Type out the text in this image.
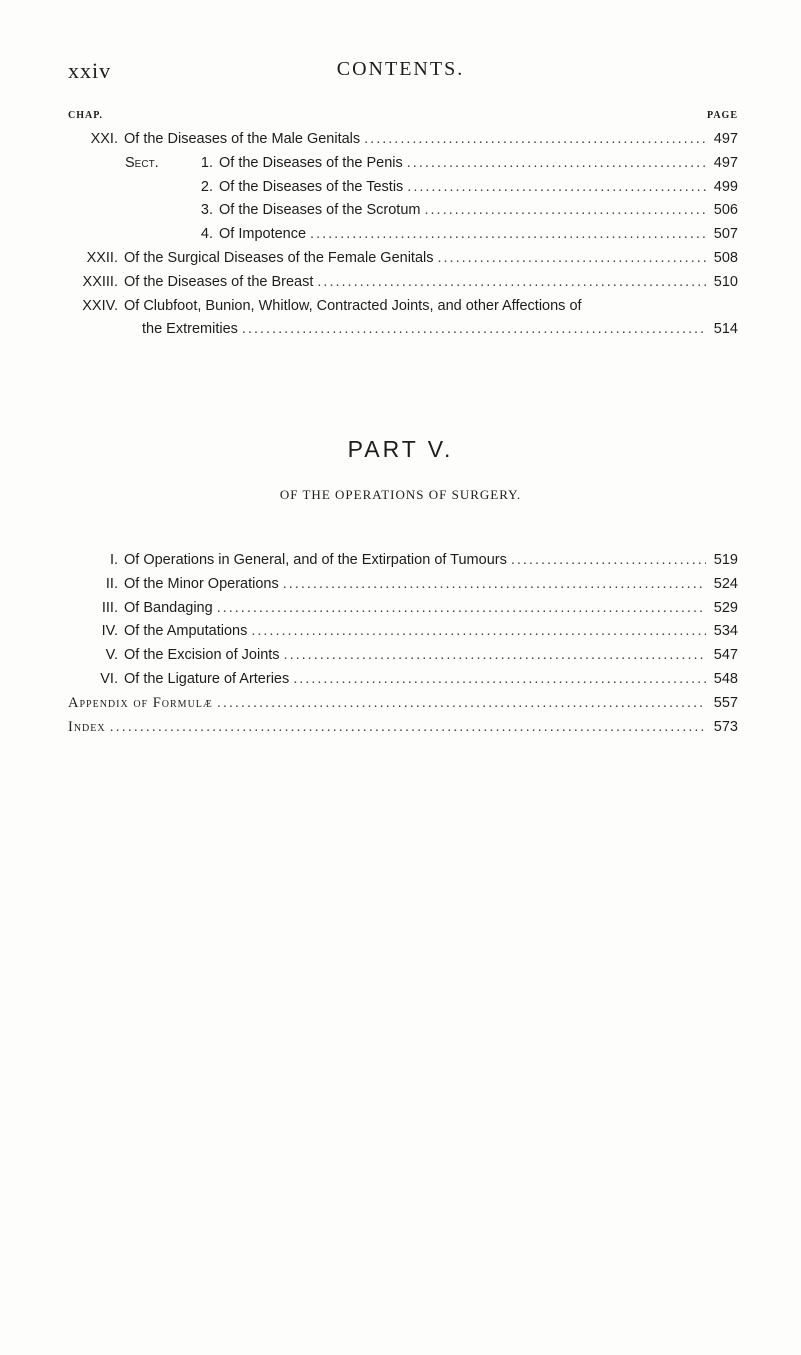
xxiv	CONTENTS.
CHAP.	PAGE
XXI. Of the Diseases of the Male Genitals .....	497
Sect.	1. Of the Diseases of the Penis .....	497
2. Of the Diseases of the Testis .....	499
3. Of the Diseases of the Scrotum .....	506
4. Of Impotence .....	507
XXII. Of the Surgical Diseases of the Female Genitals .....	508
XXIII. Of the Diseases of the Breast .....	510
XXIV. Of Clubfoot, Bunion, Whitlow, Contracted Joints, and other Affections of
the Extremities .....	514
PART V.
OF THE OPERATIONS OF SURGERY.
I. Of Operations in General, and of the Extirpation of Tumours .....	519
II. Of the Minor Operations .....	524
III. Of Bandaging .....	529
IV. Of the Amputations .....	534
V. Of the Excision of Joints .....	547
VI. Of the Ligature of Arteries .....	548
Appendix of Formulæ .....	557
Index .....	573
